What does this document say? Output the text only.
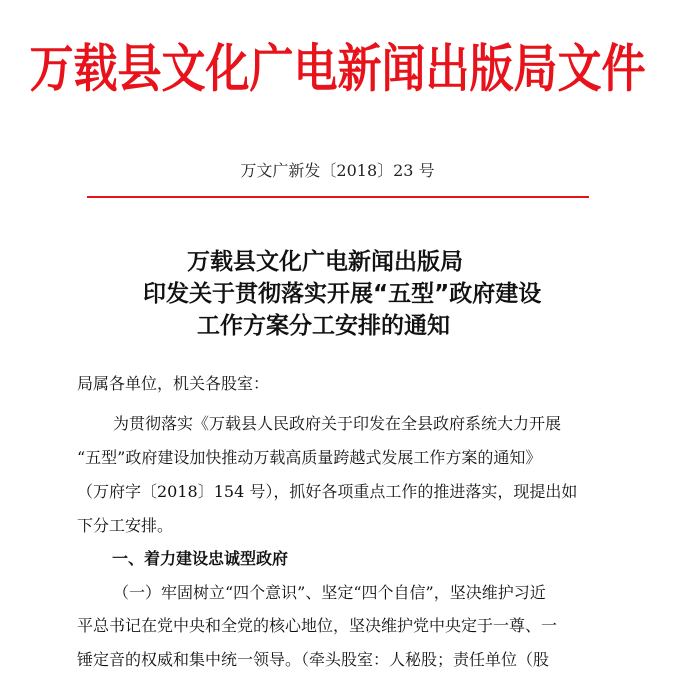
万载县文化广电新闻出版局文件
万文广新发〔2018〕23 号
万载县文化广电新闻出版局
印发关于贯彻落实开展“五型”政府建设
工作方案分工安排的通知
局属各单位，机关各股室：
为贯彻落实《万载县人民政府关于印发在全县政府系统大力开展
“五型”政府建设加快推动万载高质量跨越式发展工作方案的通知》
（万府字〔2018〕154 号），抓好各项重点工作的推进落实，现提出如
下分工安排。
一、着力建设忠诚型政府
（一）牢固树立“四个意识”、坚定“四个自信”，坚决维护习近
平总书记在党中央和全党的核心地位，坚决维护党中央定于一尊、一
锤定音的权威和集中统一领导。（牵头股室：人秘股；责任单位（股
